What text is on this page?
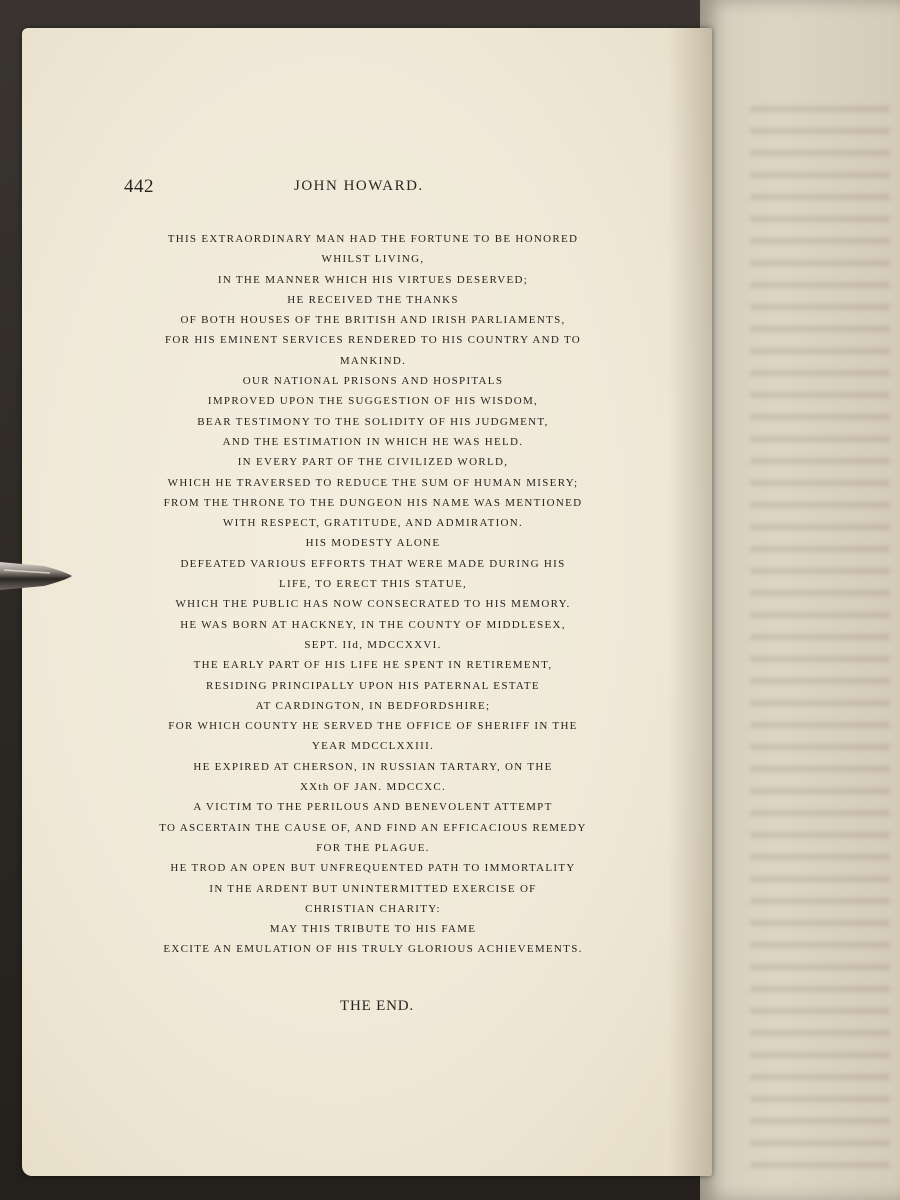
442	JOHN HOWARD.
THIS EXTRAORDINARY MAN HAD THE FORTUNE TO BE HONORED
WHILST LIVING,
IN THE MANNER WHICH HIS VIRTUES DESERVED;
HE RECEIVED THE THANKS
OF BOTH HOUSES OF THE BRITISH AND IRISH PARLIAMENTS,
FOR HIS EMINENT SERVICES RENDERED TO HIS COUNTRY AND TO
MANKIND.
OUR NATIONAL PRISONS AND HOSPITALS
IMPROVED UPON THE SUGGESTION OF HIS WISDOM,
BEAR TESTIMONY TO THE SOLIDITY OF HIS JUDGMENT,
AND THE ESTIMATION IN WHICH HE WAS HELD.
IN EVERY PART OF THE CIVILIZED WORLD,
WHICH HE TRAVERSED TO REDUCE THE SUM OF HUMAN MISERY;
FROM THE THRONE TO THE DUNGEON HIS NAME WAS MENTIONED
WITH RESPECT, GRATITUDE, AND ADMIRATION.
HIS MODESTY ALONE
DEFEATED VARIOUS EFFORTS THAT WERE MADE DURING HIS
LIFE, TO ERECT THIS STATUE,
WHICH THE PUBLIC HAS NOW CONSECRATED TO HIS MEMORY.
HE WAS BORN AT HACKNEY, IN THE COUNTY OF MIDDLESEX,
SEPT. IId, MDCCXXVI.
THE EARLY PART OF HIS LIFE HE SPENT IN RETIREMENT,
RESIDING PRINCIPALLY UPON HIS PATERNAL ESTATE
AT CARDINGTON, IN BEDFORDSHIRE;
FOR WHICH COUNTY HE SERVED THE OFFICE OF SHERIFF IN THE
YEAR MDCCLXXIII.
HE EXPIRED AT CHERSON, IN RUSSIAN TARTARY, ON THE
XXth OF JAN. MDCCXC.
A VICTIM TO THE PERILOUS AND BENEVOLENT ATTEMPT
TO ASCERTAIN THE CAUSE OF, AND FIND AN EFFICACIOUS REMEDY
FOR THE PLAGUE.
HE TROD AN OPEN BUT UNFREQUENTED PATH TO IMMORTALITY
IN THE ARDENT BUT UNINTERMITTED EXERCISE OF
CHRISTIAN CHARITY:
MAY THIS TRIBUTE TO HIS FAME
EXCITE AN EMULATION OF HIS TRULY GLORIOUS ACHIEVEMENTS.
THE END.
